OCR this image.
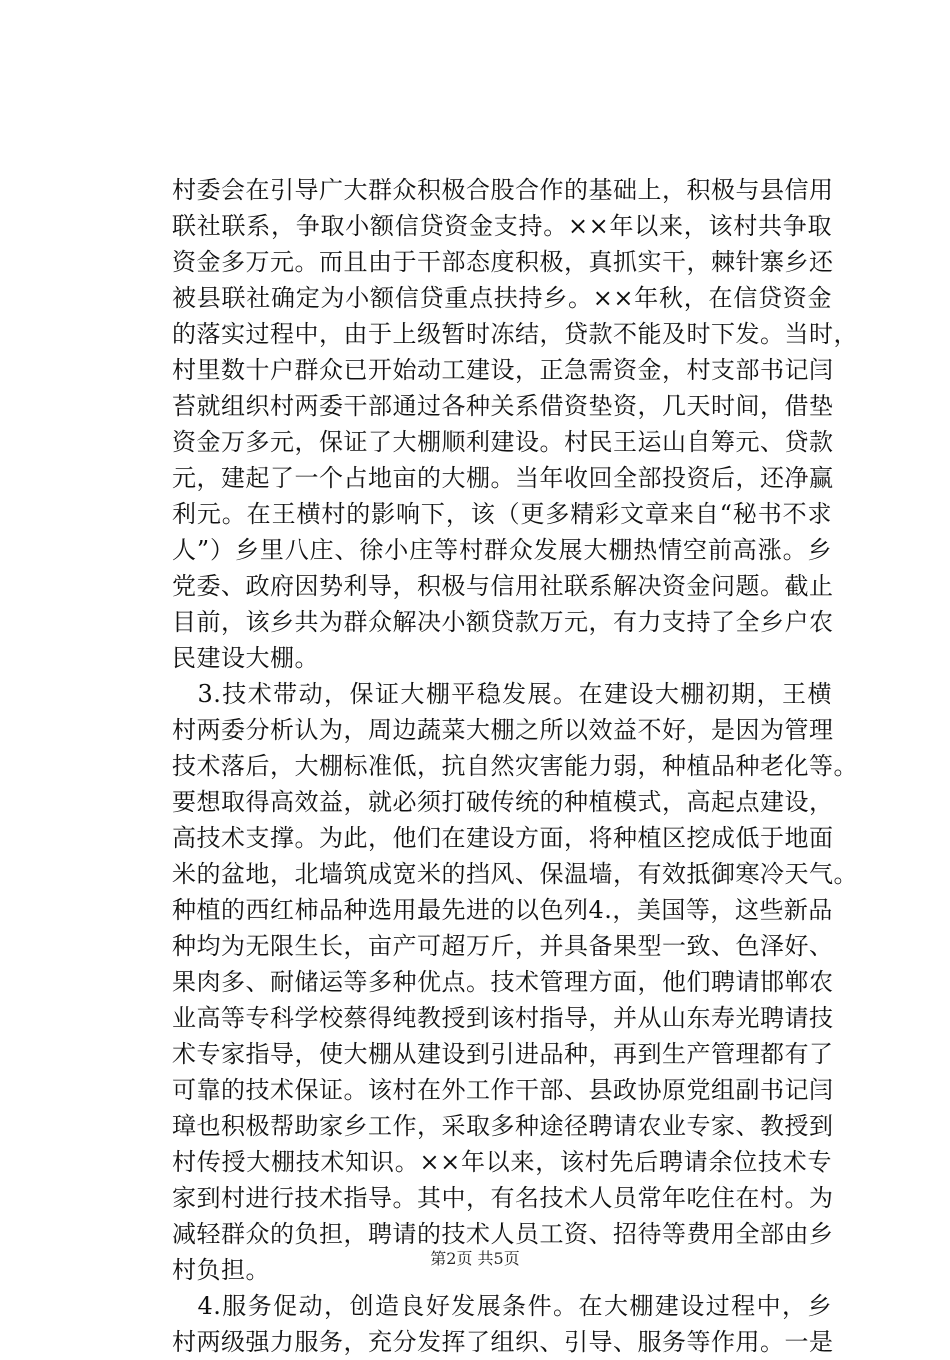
村委会在引导广大群众积极合股合作的基础上，积极与县信用
联社联系，争取小额信贷资金支持。××年以来，该村共争取
资金多万元。而且由于干部态度积极，真抓实干，棘针寨乡还
被县联社确定为小额信贷重点扶持乡。××年秋，在信贷资金
的落实过程中，由于上级暂时冻结，贷款不能及时下发。当时，
村里数十户群众已开始动工建设，正急需资金，村支部书记闫
苔就组织村两委干部通过各种关系借资垫资，几天时间，借垫
资金万多元，保证了大棚顺利建设。村民王运山自筹元、贷款
元，建起了一个占地亩的大棚。当年收回全部投资后，还净赢
利元。在王横村的影响下，该（更多精彩文章来自“秘书不求
人”）乡里八庄、徐小庄等村群众发展大棚热情空前高涨。乡
党委、政府因势利导，积极与信用社联系解决资金问题。截止
目前，该乡共为群众解决小额贷款万元，有力支持了全乡户农
民建设大棚。
　3.技术带动，保证大棚平稳发展。在建设大棚初期，王横
村两委分析认为，周边蔬菜大棚之所以效益不好，是因为管理
技术落后，大棚标准低，抗自然灾害能力弱，种植品种老化等。
要想取得高效益，就必须打破传统的种植模式，高起点建设，
高技术支撑。为此，他们在建设方面，将种植区挖成低于地面
米的盆地，北墙筑成宽米的挡风、保温墙，有效抵御寒冷天气。
种植的西红柿品种选用最先进的以色列4.，美国等，这些新品
种均为无限生长，亩产可超万斤，并具备果型一致、色泽好、
果肉多、耐储运等多种优点。技术管理方面，他们聘请邯郸农
业高等专科学校蔡得纯教授到该村指导，并从山东寿光聘请技
术专家指导，使大棚从建设到引进品种，再到生产管理都有了
可靠的技术保证。该村在外工作干部、县政协原党组副书记闫
璋也积极帮助家乡工作，采取多种途径聘请农业专家、教授到
村传授大棚技术知识。××年以来，该村先后聘请余位技术专
家到村进行技术指导。其中，有名技术人员常年吃住在村。为
减轻群众的负担，聘请的技术人员工资、招待等费用全部由乡
村负担。
　4.服务促动，创造良好发展条件。在大棚建设过程中，乡
村两级强力服务，充分发挥了组织、引导、服务等作用。一是
第2页 共5页
